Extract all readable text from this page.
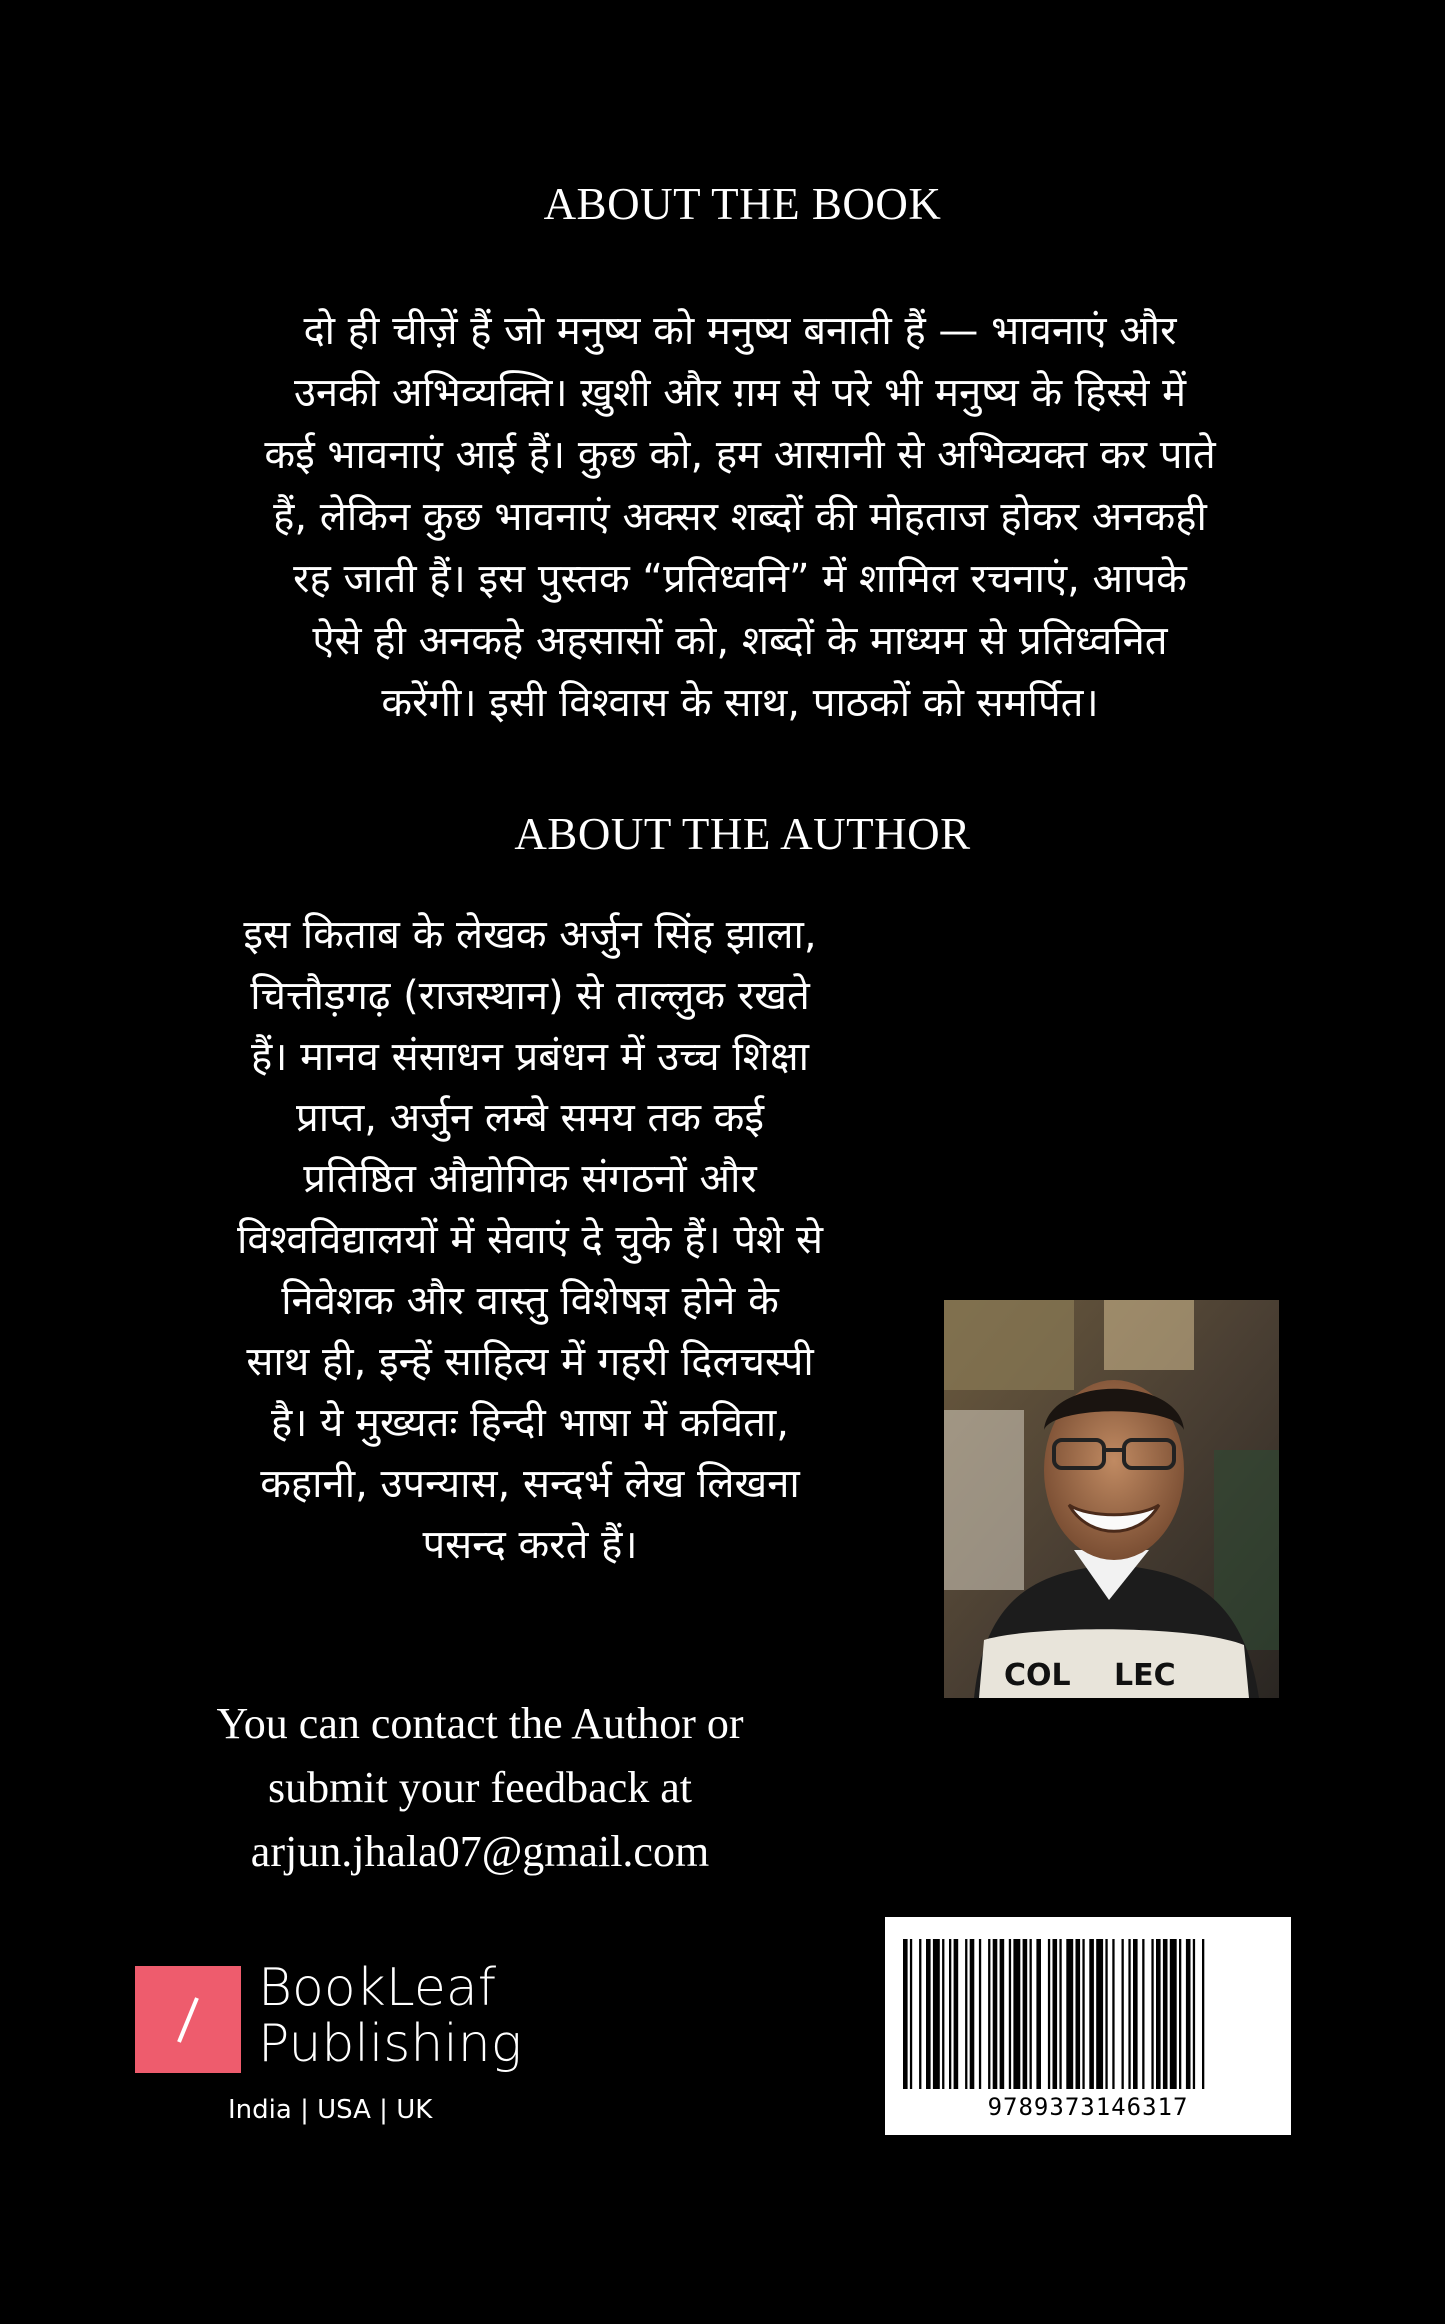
ABOUT THE BOOK
दो ही चीज़ें हैं जो मनुष्य को मनुष्य बनाती हैं — भावनाएं और
उनकी अभिव्यक्ति। ख़ुशी और ग़म से परे भी मनुष्य के हिस्से में
कई भावनाएं आई हैं। कुछ को, हम आसानी से अभिव्यक्त कर पाते
हैं, लेकिन कुछ भावनाएं अक्सर शब्दों की मोहताज होकर अनकही
रह जाती हैं। इस पुस्तक “प्रतिध्वनि” में शामिल रचनाएं, आपके
ऐसे ही अनकहे अहसासों को, शब्दों के माध्यम से प्रतिध्वनित
करेंगी। इसी विश्वास के साथ, पाठकों को समर्पित।
ABOUT THE AUTHOR
इस किताब के लेखक अर्जुन सिंह झाला,
चित्तौड़गढ़ (राजस्थान) से ताल्लुक रखते
हैं। मानव संसाधन प्रबंधन में उच्च शिक्षा
प्राप्त, अर्जुन लम्बे समय तक कई
प्रतिष्ठित औद्योगिक संगठनों और
विश्वविद्यालयों में सेवाएं दे चुके हैं। पेशे से
निवेशक और वास्तु विशेषज्ञ होने के
साथ ही, इन्हें साहित्य में गहरी दिलचस्पी
है। ये मुख्यतः हिन्दी भाषा में कविता,
कहानी, उपन्यास, सन्दर्भ लेख लिखना
पसन्द करते हैं।
COL LEC
You can contact the Author or
submit your feedback at
arjun.jhala07@gmail.com
BookLeaf
Publishing
India | USA | UK	9789373146317
